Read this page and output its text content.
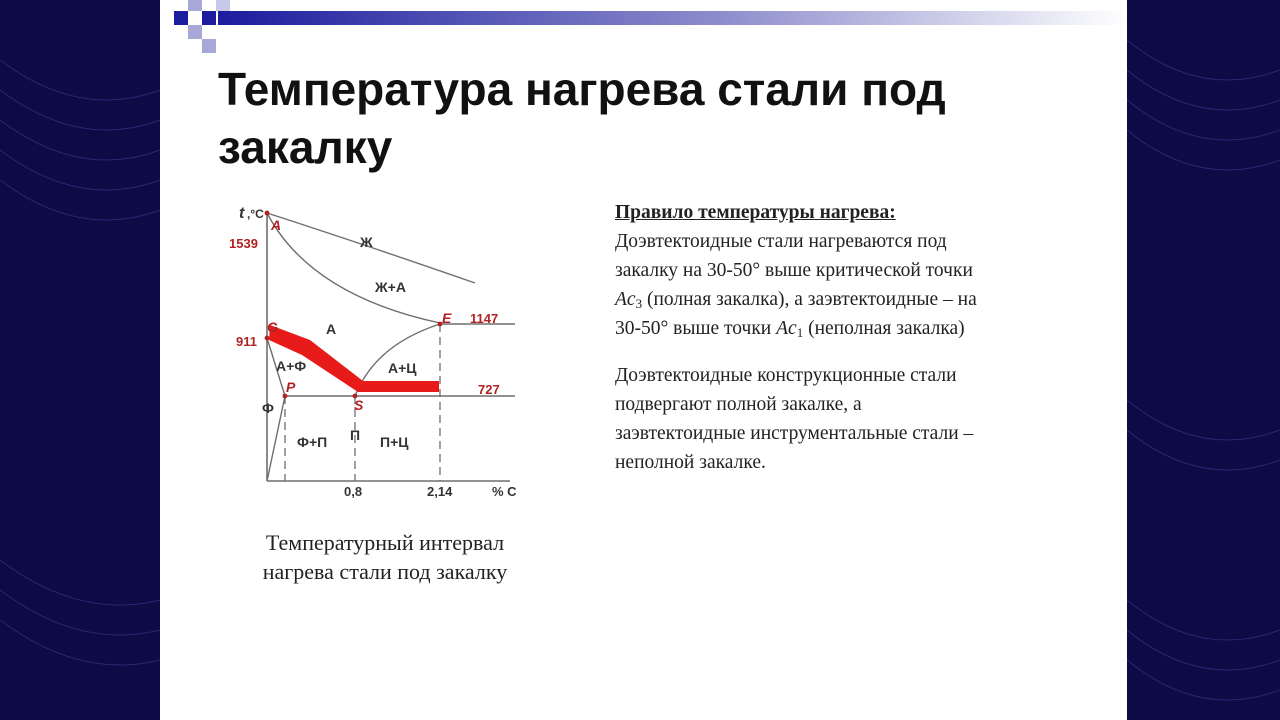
Температура нагрева стали под
закалку
t ,°C
% C
0,8	2,14
1539
911
1147
727
A
G
E
P
S
Ж
Ж+А
А
А+Ф	А+Ц
Ф
Ф+П П П+Ц
Температурный интервал
нагрева стали под закалку
Правило температуры нагрева:
Доэвтектоидные стали нагреваются под
закалку на 30-50° выше критической точки
$Ac_3$ (полная закалка), а заэвтектоидные – на
30-50° выше точки $Ac_1$ (неполная закалка)
Доэвтектоидные конструкционные стали
подвергают полной закалке, а
заэвтектоидные инструментальные стали –
неполной закалке.
